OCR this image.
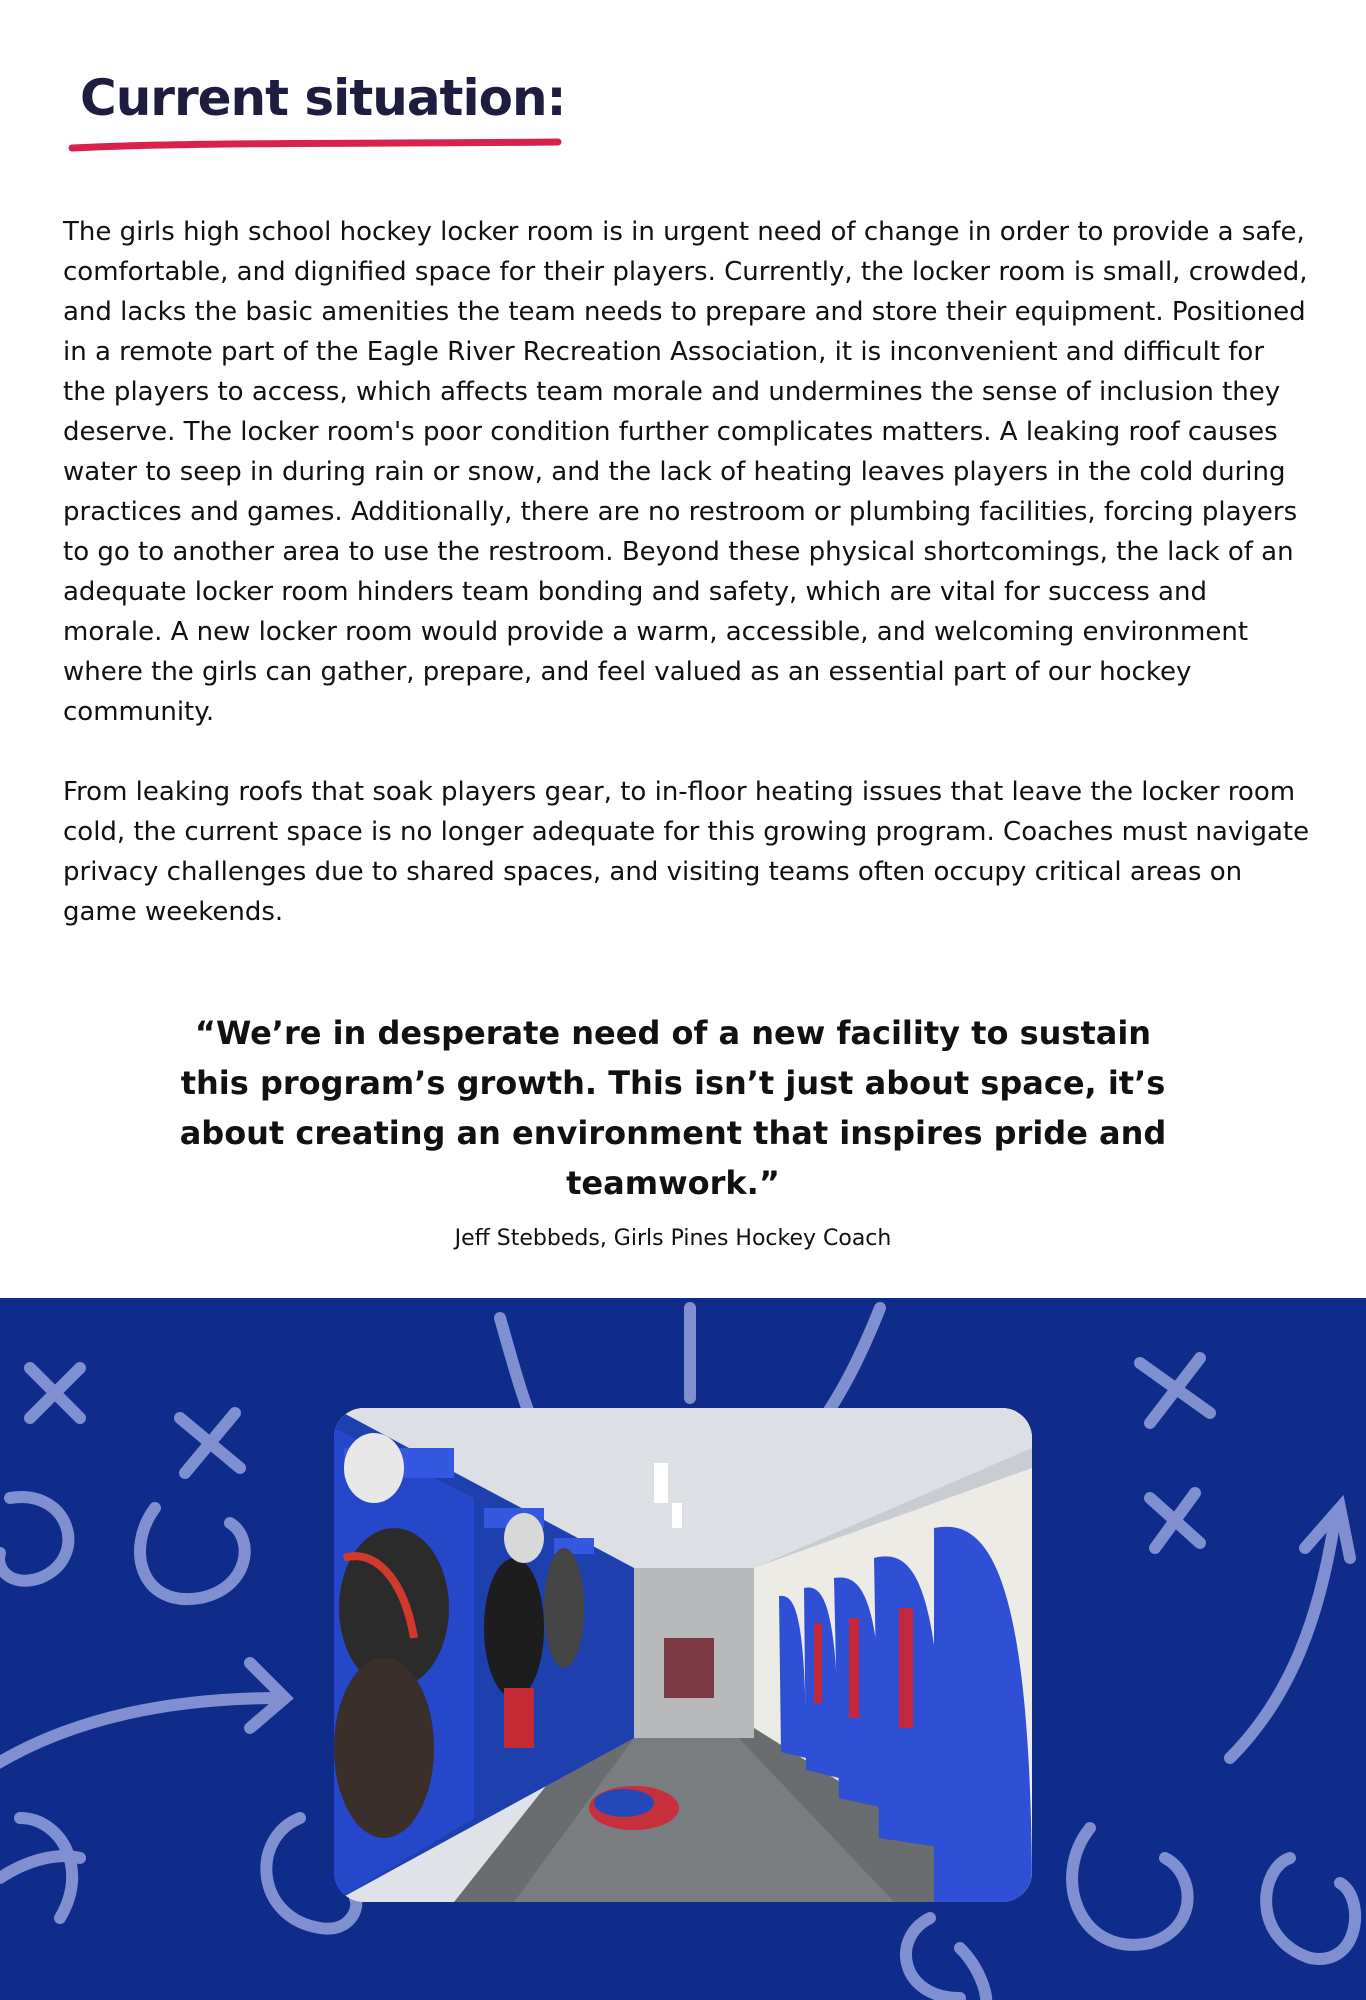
Current situation:

The girls high school hockey locker room is in urgent need of change in order to provide a safe, comfortable, and dignified space for their players. Currently, the locker room is small, crowded, and lacks the basic amenities the team needs to prepare and store their equipment. Positioned in a remote part of the Eagle River Recreation Association, it is inconvenient and difficult for the players to access, which affects team morale and undermines the sense of inclusion they deserve. The locker room's poor condition further complicates matters. A leaking roof causes water to seep in during rain or snow, and the lack of heating leaves players in the cold during practices and games. Additionally, there are no restroom or plumbing facilities, forcing players to go to another area to use the restroom. Beyond these physical shortcomings, the lack of an adequate locker room hinders team bonding and safety, which are vital for success and morale. A new locker room would provide a warm, accessible, and welcoming environment where the girls can gather, prepare, and feel valued as an essential part of our hockey community.

From leaking roofs that soak players gear, to in-floor heating issues that leave the locker room cold, the current space is no longer adequate for this growing program. Coaches must navigate privacy challenges due to shared spaces, and visiting teams often occupy critical areas on game weekends.

“We’re in desperate need of a new facility to sustain this program’s growth. This isn’t just about space, it’s about creating an environment that inspires pride and teamwork.”
Jeff Stebbeds, Girls Pines Hockey Coach
